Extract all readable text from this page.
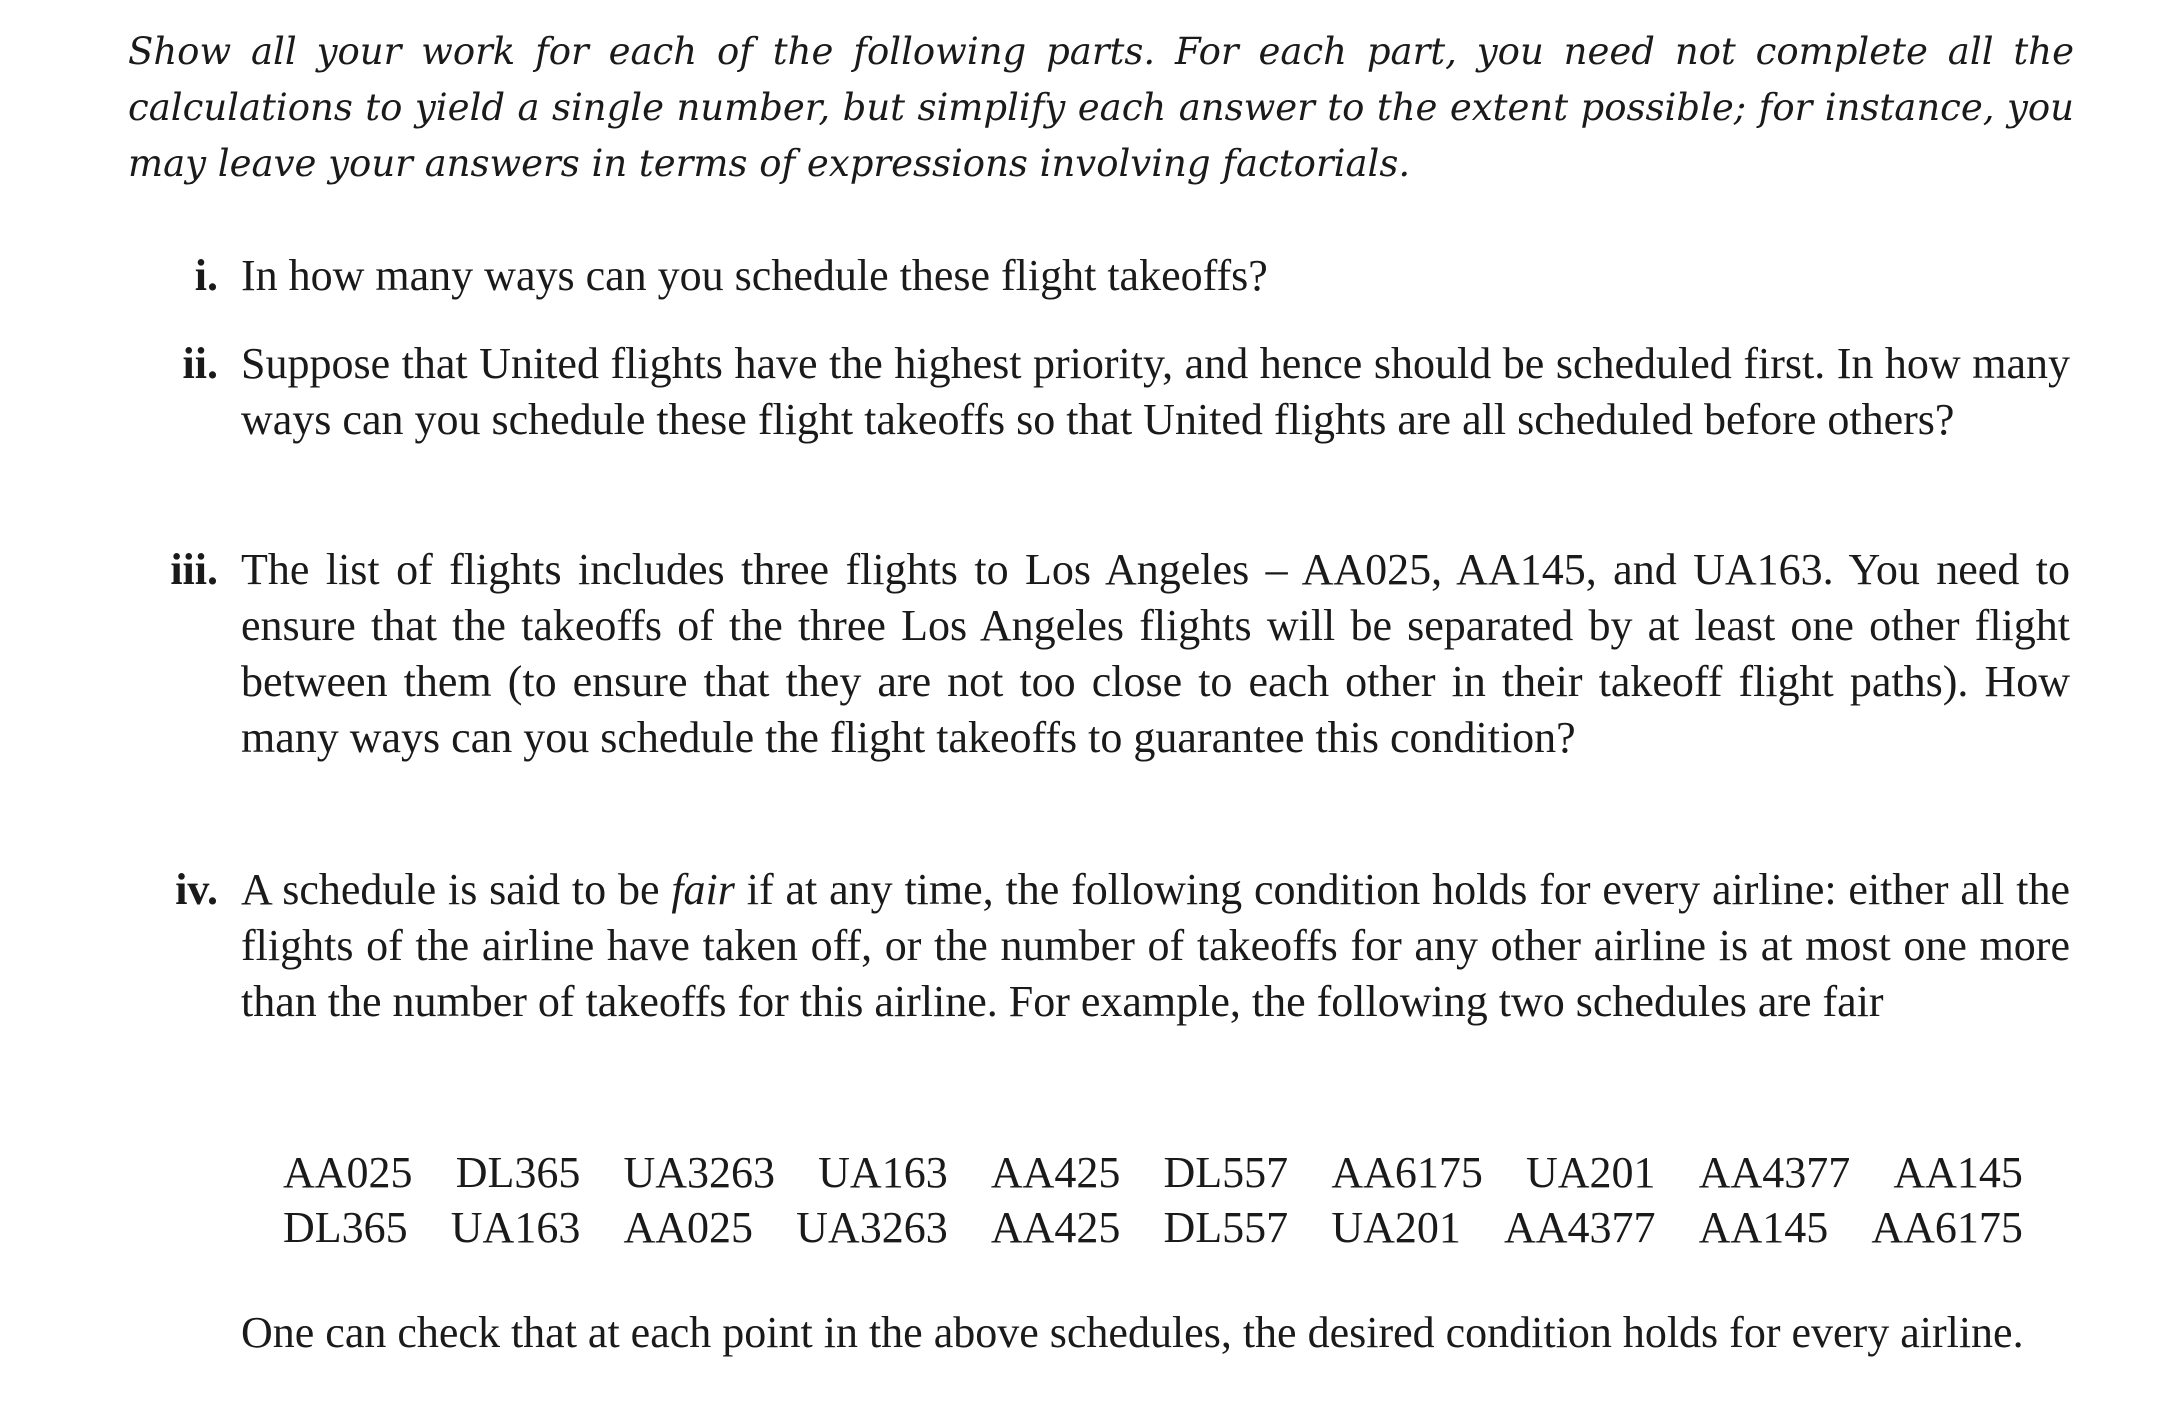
Show all your work for each of the following parts. For each part, you need not complete all the calculations to yield a single number, but simplify each answer to the extent possible; for instance, you may leave your answers in terms of expressions involving factorials.

i. In how many ways can you schedule these flight takeoffs?

ii. Suppose that United flights have the highest priority, and hence should be scheduled first. In how many ways can you schedule these flight takeoffs so that United flights are all scheduled before others?

iii. The list of flights includes three flights to Los Angeles – AA025, AA145, and UA163. You need to ensure that the takeoffs of the three Los Angeles flights will be separated by at least one other flight between them (to ensure that they are not too close to each other in their takeoff flight paths). How many ways can you schedule the flight takeoffs to guarantee this condition?

iv. A schedule is said to be fair if at any time, the following condition holds for every airline: either all the flights of the airline have taken off, or the number of takeoffs for any other airline is at most one more than the number of takeoffs for this airline. For example, the following two schedules are fair

AA025 DL365 UA3263 UA163 AA425 DL557 AA6175 UA201 AA4377 AA145
DL365 UA163 AA025 UA3263 AA425 DL557 UA201 AA4377 AA145 AA6175

One can check that at each point in the above schedules, the desired condition holds for every airline.
